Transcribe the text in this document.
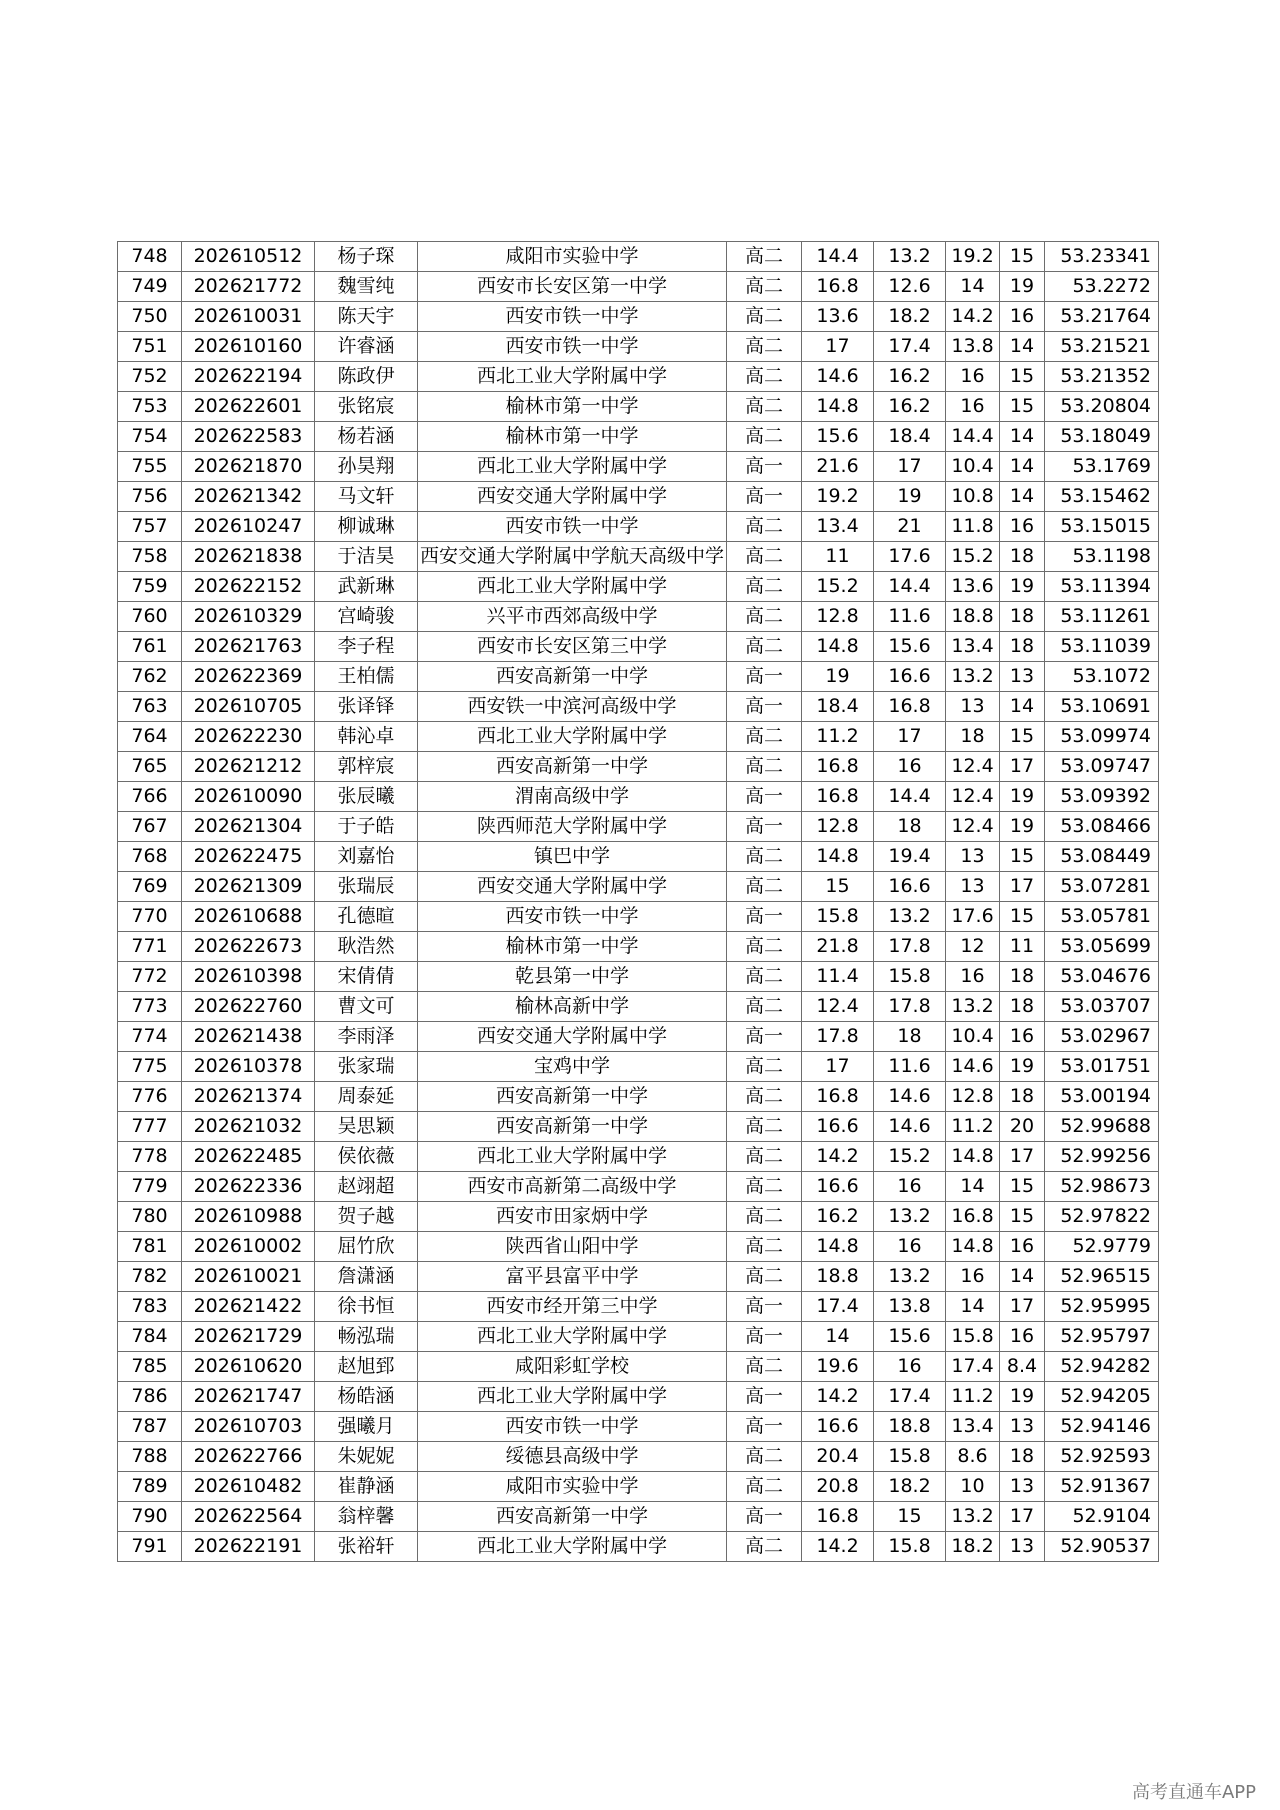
748	202610512	杨子琛	咸阳市实验中学	高二	14.4	13.2	19.2	15	53.23341
749	202621772	魏雪纯	西安市长安区第一中学	高二	16.8	12.6	14	19	53.2272
750	202610031	陈天宇	西安市铁一中学	高二	13.6	18.2	14.2	16	53.21764
751	202610160	许睿涵	西安市铁一中学	高二	17	17.4	13.8	14	53.21521
752	202622194	陈政伊	西北工业大学附属中学	高二	14.6	16.2	16	15	53.21352
753	202622601	张铭宸	榆林市第一中学	高二	14.8	16.2	16	15	53.20804
754	202622583	杨若涵	榆林市第一中学	高二	15.6	18.4	14.4	14	53.18049
755	202621870	孙昊翔	西北工业大学附属中学	高一	21.6	17	10.4	14	53.1769
756	202621342	马文轩	西安交通大学附属中学	高一	19.2	19	10.8	14	53.15462
757	202610247	柳诚琳	西安市铁一中学	高二	13.4	21	11.8	16	53.15015
758	202621838	于洁昊	西安交通大学附属中学航天高级中学	高二	11	17.6	15.2	18	53.1198
759	202622152	武新琳	西北工业大学附属中学	高二	15.2	14.4	13.6	19	53.11394
760	202610329	宫崎骏	兴平市西郊高级中学	高二	12.8	11.6	18.8	18	53.11261
761	202621763	李子程	西安市长安区第三中学	高二	14.8	15.6	13.4	18	53.11039
762	202622369	王柏儒	西安高新第一中学	高一	19	16.6	13.2	13	53.1072
763	202610705	张译铎	西安铁一中滨河高级中学	高一	18.4	16.8	13	14	53.10691
764	202622230	韩沁卓	西北工业大学附属中学	高二	11.2	17	18	15	53.09974
765	202621212	郭梓宸	西安高新第一中学	高二	16.8	16	12.4	17	53.09747
766	202610090	张辰曦	渭南高级中学	高一	16.8	14.4	12.4	19	53.09392
767	202621304	于子皓	陕西师范大学附属中学	高一	12.8	18	12.4	19	53.08466
768	202622475	刘嘉怡	镇巴中学	高二	14.8	19.4	13	15	53.08449
769	202621309	张瑞辰	西安交通大学附属中学	高二	15	16.6	13	17	53.07281
770	202610688	孔德暄	西安市铁一中学	高一	15.8	13.2	17.6	15	53.05781
771	202622673	耿浩然	榆林市第一中学	高二	21.8	17.8	12	11	53.05699
772	202610398	宋倩倩	乾县第一中学	高二	11.4	15.8	16	18	53.04676
773	202622760	曹文可	榆林高新中学	高二	12.4	17.8	13.2	18	53.03707
774	202621438	李雨泽	西安交通大学附属中学	高一	17.8	18	10.4	16	53.02967
775	202610378	张家瑞	宝鸡中学	高二	17	11.6	14.6	19	53.01751
776	202621374	周泰延	西安高新第一中学	高二	16.8	14.6	12.8	18	53.00194
777	202621032	吴思颖	西安高新第一中学	高二	16.6	14.6	11.2	20	52.99688
778	202622485	侯依薇	西北工业大学附属中学	高二	14.2	15.2	14.8	17	52.99256
779	202622336	赵翊超	西安市高新第二高级中学	高二	16.6	16	14	15	52.98673
780	202610988	贺子越	西安市田家炳中学	高二	16.2	13.2	16.8	15	52.97822
781	202610002	屈竹欣	陕西省山阳中学	高二	14.8	16	14.8	16	52.9779
782	202610021	詹潇涵	富平县富平中学	高二	18.8	13.2	16	14	52.96515
783	202621422	徐书恒	西安市经开第三中学	高一	17.4	13.8	14	17	52.95995
784	202621729	畅泓瑞	西北工业大学附属中学	高一	14	15.6	15.8	16	52.95797
785	202610620	赵旭郅	咸阳彩虹学校	高二	19.6	16	17.4	8.4	52.94282
786	202621747	杨皓涵	西北工业大学附属中学	高一	14.2	17.4	11.2	19	52.94205
787	202610703	强曦月	西安市铁一中学	高一	16.6	18.8	13.4	13	52.94146
788	202622766	朱妮妮	绥德县高级中学	高二	20.4	15.8	8.6	18	52.92593
789	202610482	崔静涵	咸阳市实验中学	高二	20.8	18.2	10	13	52.91367
790	202622564	翁梓馨	西安高新第一中学	高一	16.8	15	13.2	17	52.9104
791	202622191	张裕轩	西北工业大学附属中学	高二	14.2	15.8	18.2	13	52.90537
高考直通车APP
